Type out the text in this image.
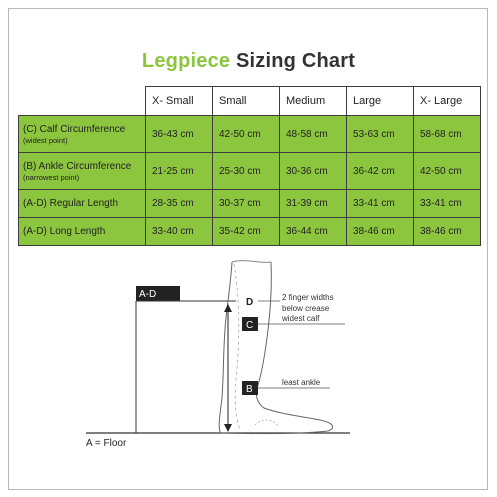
Legpiece Sizing Chart
	X- Small	Small	Medium	Large	X- Large

(C) Calf Circumference
(widest point)	36-43 cm	42-50 cm	48-58 cm	53-63 cm	58-68 cm

(B) Ankle Circumference
(narrowest point)	21-25 cm	25-30 cm	30-36 cm	36-42 cm	42-50 cm

(A-D) Regular Length	28-35 cm	30-37 cm	31-39 cm	33-41 cm	33-41 cm

(A-D) Long Length	33-40 cm	35-42 cm	36-44 cm	38-46 cm	38-46 cm
A-D
A = Floor
D	2 finger widths
below crease
C
widest calf
B
least ankle
